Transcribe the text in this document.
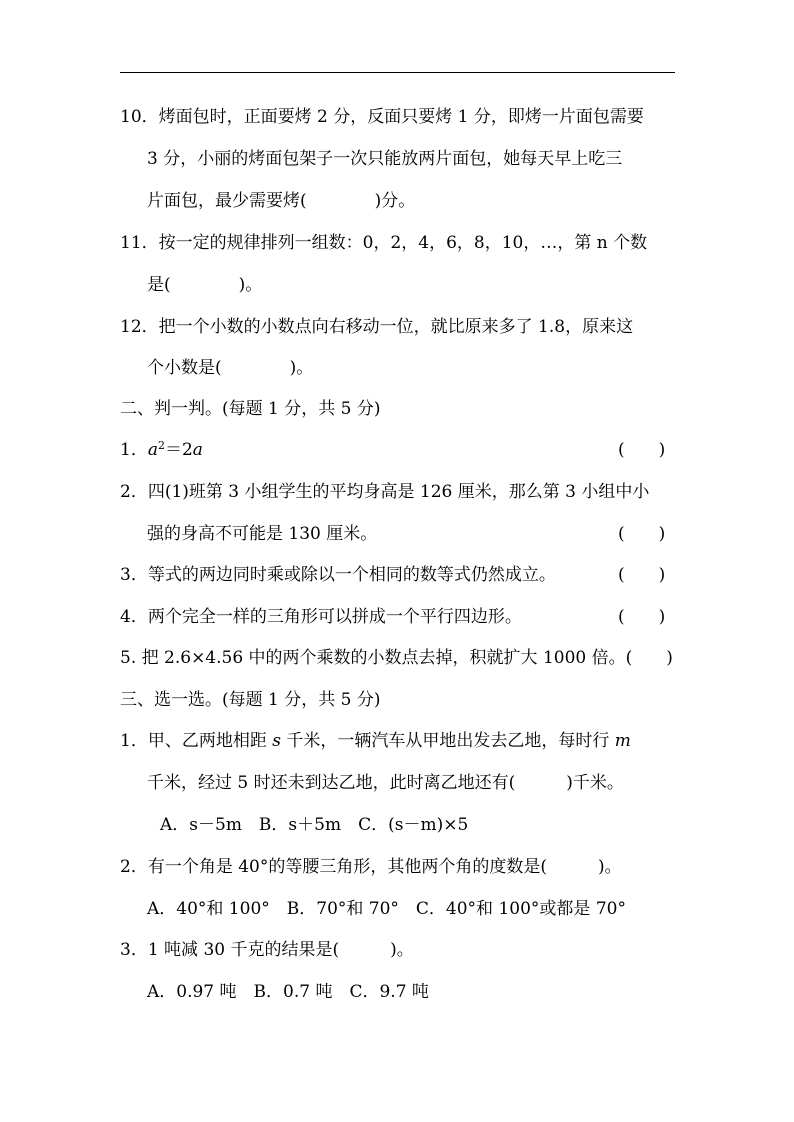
10．烤面包时，正面要烤 2 分，反面只要烤 1 分，即烤一片面包需要
3 分，小丽的烤面包架子一次只能放两片面包，她每天早上吃三
片面包，最少需要烤(　　　　)分。
11．按一定的规律排列一组数：0，2，4，6，8，10，…，第 n 个数
是(　　　　)。
12．把一个小数的小数点向右移动一位，就比原来多了 1.8，原来这
个小数是(　　　　)。
二、判一判。(每题 1 分，共 5 分)
1．$a^2=2a$	(　　)
2．四(1)班第 3 小组学生的平均身高是 126 厘米，那么第 3 小组中小
强的身高不可能是 130 厘米。	(　　)
3．等式的两边同时乘或除以一个相同的数等式仍然成立。	(　　)
4．两个完全一样的三角形可以拼成一个平行四边形。	(　　)
5. 把 2.6×4.56 中的两个乘数的小数点去掉，积就扩大 1000 倍。(　　)
三、选一选。(每题 1 分，共 5 分)
1．甲、乙两地相距 s 千米，一辆汽车从甲地出发去乙地，每时行 m
千米，经过 5 时还未到达乙地，此时离乙地还有(　　　)千米。
A．s－5m　B．s＋5m　C．(s－m)×5
2．有一个角是 40°的等腰三角形，其他两个角的度数是(　　　)。
A．40°和 100°　B．70°和 70°　C．40°和 100°或都是 70°
3．1 吨减 30 千克的结果是(　　　)。
A．0.97 吨　B．0.7 吨　C．9.7 吨
